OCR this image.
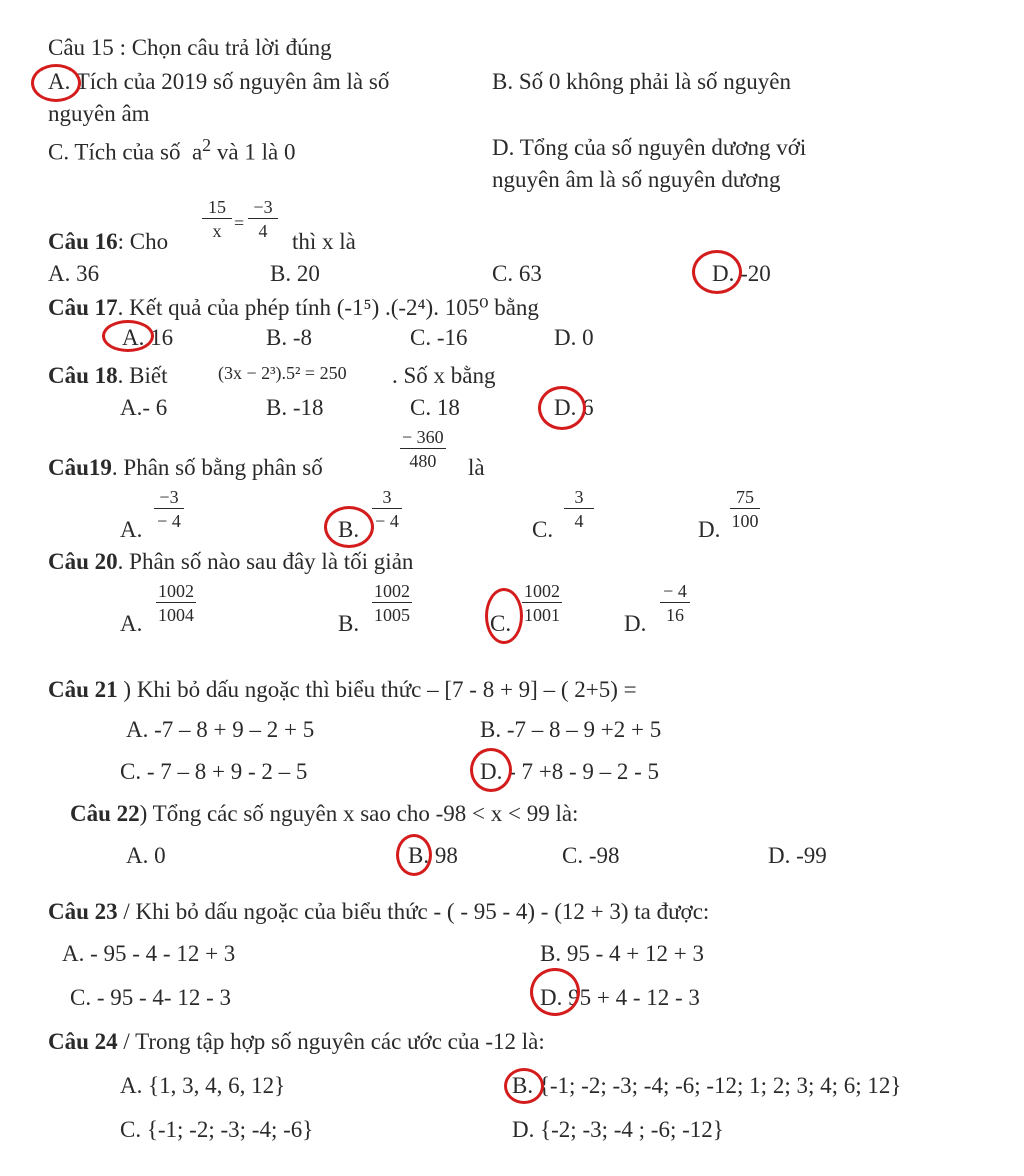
Câu 15 : Chọn câu trả lời đúng
A. Tích của 2019 số nguyên âm là số
nguyên âm
B. Số 0 không phải là số nguyên
C. Tích của số $a^2$ và 1 là 0	D. Tổng của số nguyên dương với
nguyên âm là số nguyên dương
Câu 16: Cho
$\frac{15}{x} = \frac{-3}{4}$
thì x là
A. 36	B. 20	C. 63	D. -20
Câu 17. Kết quả của phép tính (-1⁵) .(-2⁴). 105⁰ bằng
A. 16	B. -8	C. -16	D. 0
Câu 18. Biết	(3x − 2³).5² = 250 . Số x bằng
A.- 6	B. -18	C. 18	D. 6
Câu19. Phân số bằng phân số	$\frac{- 360}{480}$ là
A. $\frac{-3}{- 4}$	B. $\frac{3}{- 4}$	C. $\frac{3}{4}$	D. $\frac{75}{100}$
Câu 20. Phân số nào sau đây là tối giản
A. $\frac{1002}{1004}$	B. $\frac{1002}{1005}$	C. $\frac{1002}{1001}$	D. $\frac{- 4}{16}$
Câu 21 ) Khi bỏ dấu ngoặc thì biểu thức – [7 - 8 + 9] – ( 2+5) =
A. -7 – 8 + 9 – 2 + 5	B. -7 – 8 – 9 +2 + 5
C. - 7 – 8 + 9 - 2 – 5	D. - 7 +8 - 9 – 2 - 5
Câu 22) Tổng các số nguyên x sao cho -98 < x < 99 là:
A. 0	B. 98	C. -98	D. -99
Câu 23 / Khi bỏ dấu ngoặc của biểu thức - ( - 95 - 4) - (12 + 3) ta được:
A. - 95 - 4 - 12 + 3	B. 95 - 4 + 12 + 3
C. - 95 - 4- 12 - 3	D. 95 + 4 - 12 - 3
Câu 24 / Trong tập hợp số nguyên các ước của -12 là:
A. {1, 3, 4, 6, 12}	B. {-1; -2; -3; -4; -6; -12; 1; 2; 3; 4; 6; 12}
C. {-1; -2; -3; -4; -6}	D. {-2; -3; -4 ; -6; -12}
